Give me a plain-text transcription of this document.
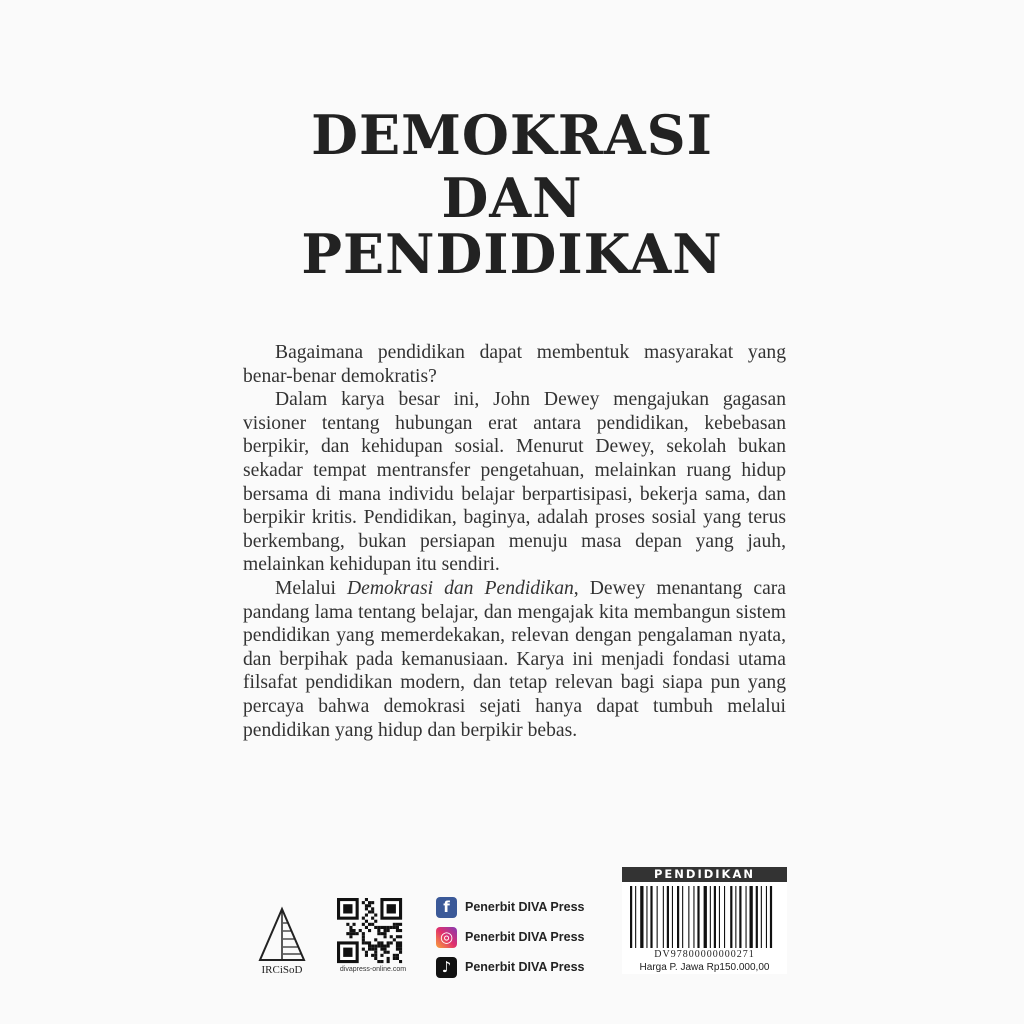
DEMOKRASI
DAN
PENDIDIKAN

Bagaimana pendidikan dapat membentuk masyarakat yang benar-benar demokratis?

Dalam karya besar ini, John Dewey mengajukan gagasan visioner tentang hubungan erat antara pendidikan, kebebasan berpikir, dan kehidupan sosial. Menurut Dewey, sekolah bukan sekadar tempat mentransfer pengetahuan, melainkan ruang hidup bersama di mana individu belajar berpartisipasi, bekerja sama, dan berpikir kritis. Pendidikan, baginya, adalah proses sosial yang terus berkembang, bukan persiapan menuju masa depan yang jauh, melainkan kehidupan itu sendiri.

Melalui Demokrasi dan Pendidikan, Dewey menantang cara pandang lama tentang belajar, dan mengajak kita membangun sistem pendidikan yang memerdekakan, relevan dengan pengalaman nyata, dan berpihak pada kemanusiaan. Karya ini menjadi fondasi utama filsafat pendidikan modern, dan tetap relevan bagi siapa pun yang percaya bahwa demokrasi sejati hanya dapat tumbuh melalui pendidikan yang hidup dan berpikir bebas.

IRCiSoD	divapress-online.com
f	Penerbit DIVA Press
◎ Penerbit DIVA Press
♪	Penerbit DIVA Press
PENDIDIKAN
DV97800000000271
Harga P. Jawa Rp150.000,00
